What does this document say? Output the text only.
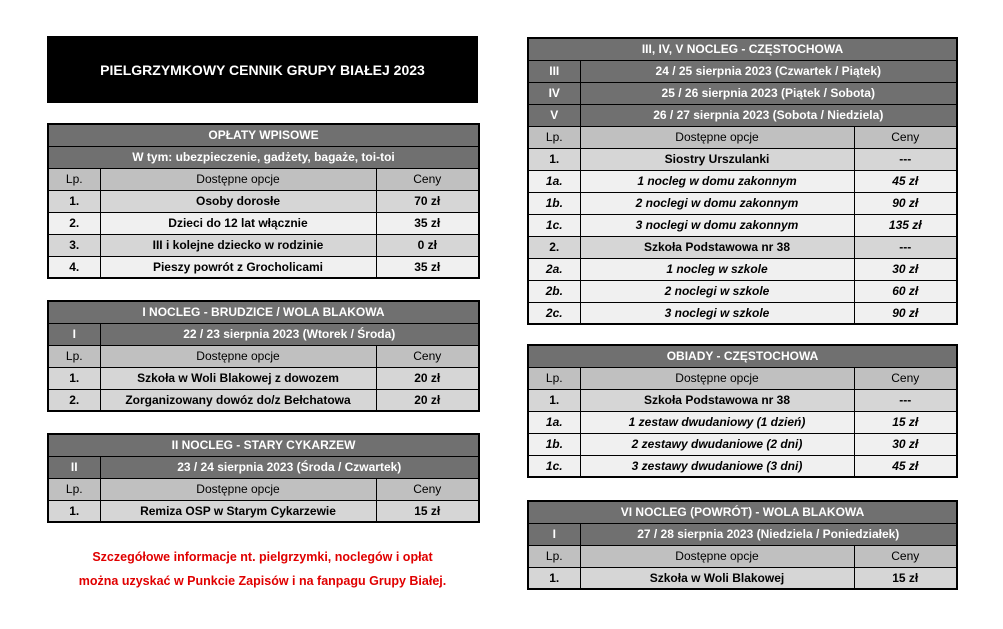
PIELGRZYMKOWY CENNIK GRUPY BIAŁEJ 2023
OPŁATY WPISOWE		
W tym: ubezpieczenie, gadżety, bagaże, toi-toi		
Lp.	Dostępne opcje	Ceny
1.	Osoby dorosłe	70 zł
2.	Dzieci do 12 lat włącznie	35 zł
3.	III i kolejne dziecko w rodzinie	0 zł
4.	Pieszy powrót z Grocholicami	35 zł
I NOCLEG - BRUDZICE / WOLA BLAKOWA		
I	22 / 23 sierpnia 2023 (Wtorek / Środa)	
Lp.	Dostępne opcje	Ceny
1.	Szkoła w Woli Blakowej z dowozem	20 zł
2.	Zorganizowany dowóz do/z Bełchatowa	20 zł
II NOCLEG - STARY CYKARZEW		
II	23 / 24 sierpnia 2023 (Środa / Czwartek)	
Lp.	Dostępne opcje	Ceny
1.	Remiza OSP w Starym Cykarzewie	15 zł
Szczegółowe informacje nt. pielgrzymki, noclegów i opłat
można uzyskać w Punkcie Zapisów i na fanpagu Grupy Białej.
III, IV, V NOCLEG - CZĘSTOCHOWA		
III	24 / 25 sierpnia 2023 (Czwartek / Piątek)	
IV	25 / 26 sierpnia 2023 (Piątek / Sobota)	
V	26 / 27 sierpnia 2023 (Sobota / Niedziela)	
Lp.	Dostępne opcje	Ceny
1.	Siostry Urszulanki	---
1a.	1 nocleg w domu zakonnym	45 zł
1b.	2 noclegi w domu zakonnym	90 zł
1c.	3 noclegi w domu zakonnym	135 zł
2.	Szkoła Podstawowa nr 38	---
2a.	1 nocleg w szkole	30 zł
2b.	2 noclegi w szkole	60 zł
2c.	3 noclegi w szkole	90 zł
OBIADY - CZĘSTOCHOWA		
Lp.	Dostępne opcje	Ceny
1.	Szkoła Podstawowa nr 38	---
1a.	1 zestaw dwudaniowy (1 dzień)	15 zł
1b.	2 zestawy dwudaniowe (2 dni)	30 zł
1c.	3 zestawy dwudaniowe (3 dni)	45 zł
VI NOCLEG (POWRÓT) - WOLA BLAKOWA		
I	27 / 28 sierpnia 2023 (Niedziela / Poniedziałek)	
Lp.	Dostępne opcje	Ceny
1.	Szkoła w Woli Blakowej	15 zł
